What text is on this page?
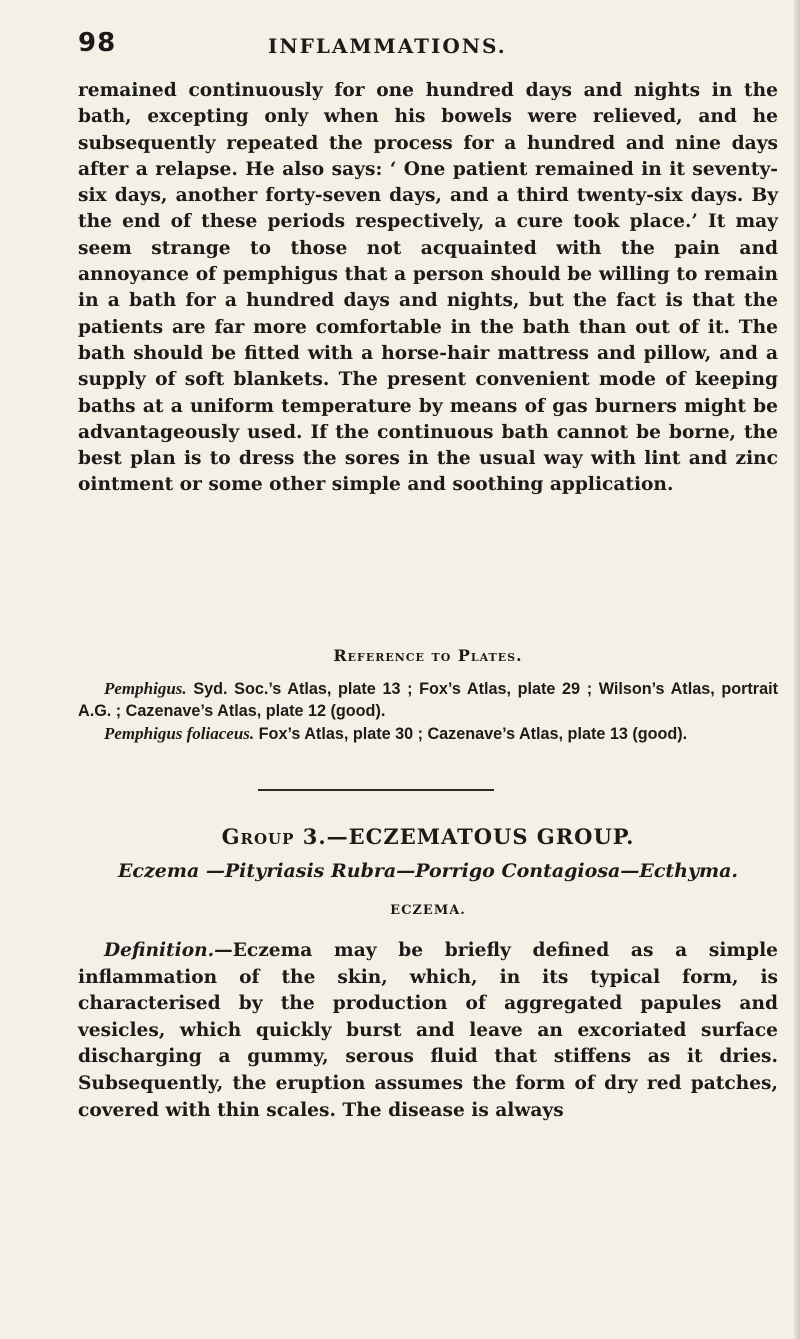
98	INFLAMMATIONS.

remained continuously for one hundred days and nights in the bath, excepting only when his bowels were relieved, and he subsequently repeated the process for a hundred and nine days after a relapse. He also says: ‘ One patient remained in it seventy-six days, another forty-seven days, and a third twenty-six days. By the end of these periods respectively, a cure took place.’ It may seem strange to those not acquainted with the pain and annoyance of pemphigus that a person should be willing to remain in a bath for a hundred days and nights, but the fact is that the patients are far more comfortable in the bath than out of it. The bath should be fitted with a horse-hair mattress and pillow, and a supply of soft blankets. The present convenient mode of keeping baths at a uniform temperature by means of gas burners might be advantageously used. If the continuous bath cannot be borne, the best plan is to dress the sores in the usual way with lint and zinc ointment or some other simple and soothing application.

Reference to Plates.

Pemphigus. Syd. Soc.’s Atlas, plate 13 ; Fox’s Atlas, plate 29 ; Wilson’s Atlas, portrait A.G. ; Cazenave’s Atlas, plate 12 (good).

Pemphigus foliaceus. Fox’s Atlas, plate 30 ; Cazenave’s Atlas, plate 13 (good).

Group 3.—ECZEMATOUS GROUP.
Eczema —Pityriasis Rubra—Porrigo Contagiosa—Ecthyma.
ECZEMA.

Definition.—Eczema may be briefly defined as a simple inflammation of the skin, which, in its typical form, is characterised by the production of aggregated papules and vesicles, which quickly burst and leave an excoriated surface discharging a gummy, serous fluid that stiffens as it dries. Subsequently, the eruption assumes the form of dry red patches, covered with thin scales. The disease is always
